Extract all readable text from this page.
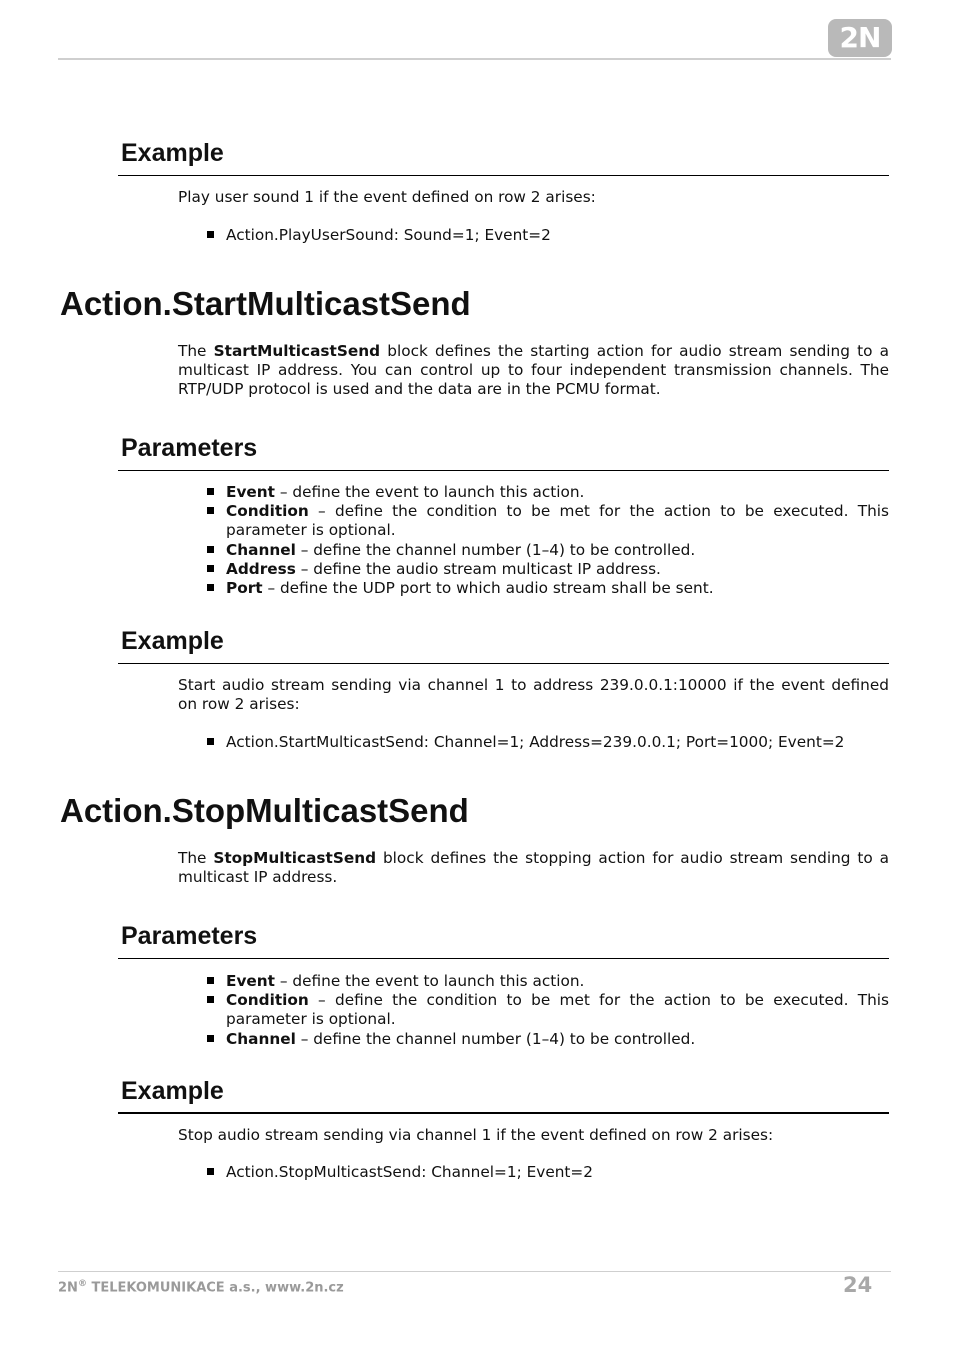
2N
Example

Play user sound 1 if the event defined on row 2 arises:

Action.PlayUserSound: Sound=1; Event=2
Action.StartMulticastSend

The StartMulticastSend block defines the starting action for audio stream sending to a multicast IP address. You can control up to four independent transmission channels. The RTP/UDP protocol is used and the data are in the PCMU format.

Parameters
Event – define the event to launch this action.
Condition – define the condition to be met for the action to be executed. This parameter is optional.
Channel – define the channel number (1–4) to be controlled.
Address – define the audio stream multicast IP address.
Port – define the UDP port to which audio stream shall be sent.
Example

Start audio stream sending via channel 1 to address 239.0.0.1:10000 if the event defined on row 2 arises:

Action.StartMulticastSend: Channel=1; Address=239.0.0.1; Port=1000; Event=2
Action.StopMulticastSend

The StopMulticastSend block defines the stopping action for audio stream sending to a multicast IP address.

Parameters
Event – define the event to launch this action.
Condition – define the condition to be met for the action to be executed. This parameter is optional.
Channel – define the channel number (1–4) to be controlled.
Example

Stop audio stream sending via channel 1 if the event defined on row 2 arises:

Action.StopMulticastSend: Channel=1; Event=2
2N® TELEKOMUNIKACE a.s., www.2n.cz	24
